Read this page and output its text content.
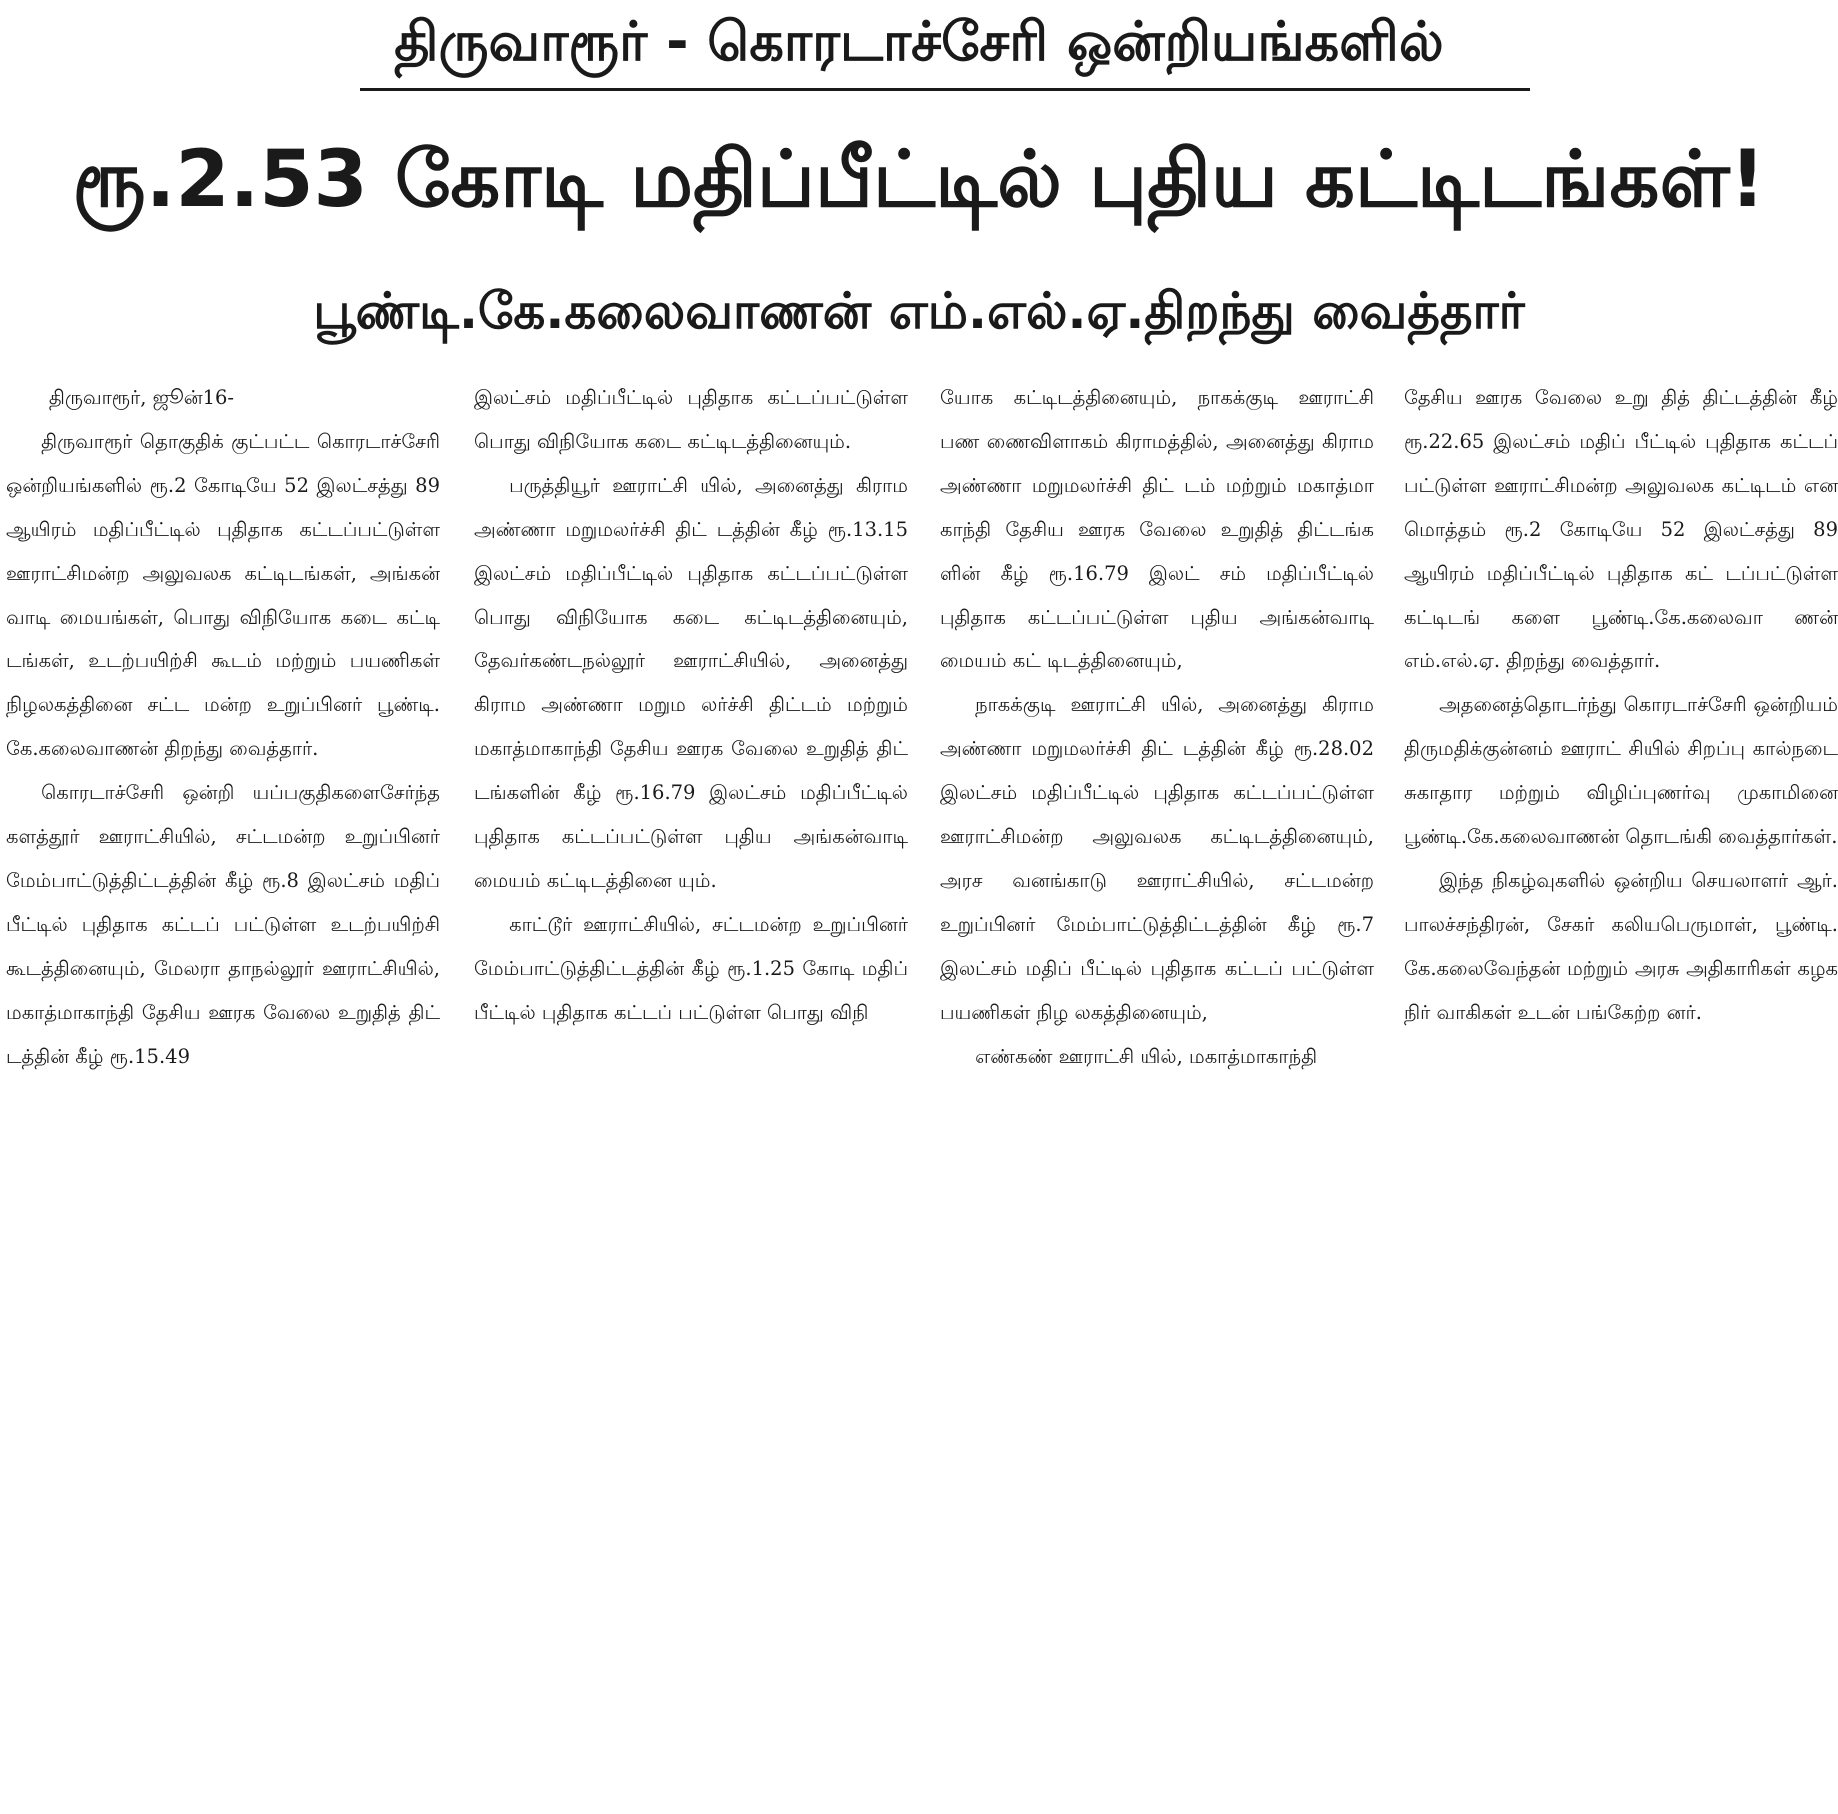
திருவாரூர் - கொரடாச்சேரி ஒன்றியங்களில்
ரூ.2.53 கோடி மதிப்பீட்டில் புதிய கட்டிடங்கள்!
பூண்டி.கே.கலைவாணன் எம்.எல்.ஏ.திறந்து வைத்தார்

திருவாரூர், ஜூன்16-

திருவாரூர் தொகுதிக் குட்பட்ட கொரடாச்சேரி ஒன்றியங்களில் ரூ.2 கோடியே 52 இலட்சத்து 89 ஆயிரம் மதிப்பீட்டில் புதிதாக கட்டப்பட்டுள்ள ஊராட்சிமன்ற அலுவலக கட்டிடங்கள், அங்கன் வாடி மையங்கள், பொது விநியோக கடை கட்டி டங்கள், உடற்பயிற்சி கூடம் மற்றும் பயணிகள் நிழலகத்தினை சட்ட மன்ற உறுப்பினர் பூண்டி. கே.கலைவாணன் திறந்து வைத்தார்.

கொரடாச்சேரி ஒன்றி யப்பகுதிகளைசேர்ந்த களத்தூர் ஊராட்சியில், சட்டமன்ற உறுப்பினர் மேம்பாட்டுத்திட்டத்தின் கீழ் ரூ.8 இலட்சம் மதிப் பீட்டில் புதிதாக கட்டப் பட்டுள்ள உடற்பயிற்சி கூடத்தினையும், மேலரா தாநல்லூர் ஊராட்சியில், மகாத்மாகாந்தி தேசிய ஊரக வேலை உறுதித் திட் டத்தின் கீழ் ரூ.15.49

இலட்சம் மதிப்பீட்டில் புதிதாக கட்டப்பட்டுள்ள பொது விநியோக கடை கட்டிடத்தினையும்.

பருத்தியூர் ஊராட்சி யில், அனைத்து கிராம அண்ணா மறுமலர்ச்சி திட் டத்தின் கீழ் ரூ.13.15 இலட்சம் மதிப்பீட்டில் புதிதாக கட்டப்பட்டுள்ள பொது விநியோக கடை கட்டிடத்தினையும், தேவர்கண்டநல்லூர் ஊராட்சியில், அனைத்து கிராம அண்ணா மறும லர்ச்சி திட்டம் மற்றும் மகாத்மாகாந்தி தேசிய ஊரக வேலை உறுதித் திட் டங்களின் கீழ் ரூ.16.79 இலட்சம் மதிப்பீட்டில் புதிதாக கட்டப்பட்டுள்ள புதிய அங்கன்வாடி மையம் கட்டிடத்தினை யும்.

காட்டூர் ஊராட்சியில், சட்டமன்ற உறுப்பினர் மேம்பாட்டுத்திட்டத்தின் கீழ் ரூ.1.25 கோடி மதிப் பீட்டில் புதிதாக கட்டப் பட்டுள்ள பொது விநி

யோக கட்டிடத்தினையும், நாகக்குடி ஊராட்சி பண ணைவிளாகம் கிராமத்தில், அனைத்து கிராம அண்ணா மறுமலர்ச்சி திட் டம் மற்றும் மகாத்மா காந்தி தேசிய ஊரக வேலை உறுதித் திட்டங்க ளின் கீழ் ரூ.16.79 இலட் சம் மதிப்பீட்டில் புதிதாக கட்டப்பட்டுள்ள புதிய அங்கன்வாடி மையம் கட் டிடத்தினையும்,

நாகக்குடி ஊராட்சி யில், அனைத்து கிராம அண்ணா மறுமலர்ச்சி திட் டத்தின் கீழ் ரூ.28.02 இலட்சம் மதிப்பீட்டில் புதிதாக கட்டப்பட்டுள்ள ஊராட்சிமன்ற அலுவலக கட்டிடத்தினையும், அரச வனங்காடு ஊராட்சியில், சட்டமன்ற உறுப்பினர் மேம்பாட்டுத்திட்டத்தின் கீழ் ரூ.7 இலட்சம் மதிப் பீட்டில் புதிதாக கட்டப் பட்டுள்ள பயணிகள் நிழ லகத்தினையும்,

எண்கண் ஊராட்சி யில், மகாத்மாகாந்தி

தேசிய ஊரக வேலை உறு தித் திட்டத்தின் கீழ் ரூ.22.65 இலட்சம் மதிப் பீட்டில் புதிதாக கட்டப் பட்டுள்ள ஊராட்சிமன்ற அலுவலக கட்டிடம் என மொத்தம் ரூ.2 கோடியே 52 இலட்சத்து 89 ஆயிரம் மதிப்பீட்டில் புதிதாக கட் டப்பட்டுள்ள கட்டிடங் களை பூண்டி.கே.கலைவா ணன் எம்.எல்.ஏ. திறந்து வைத்தார்.

அதனைத்தொடர்ந்து கொரடாச்சேரி ஒன்றியம் திருமதிக்குன்னம் ஊராட் சியில் சிறப்பு கால்நடை சுகாதார மற்றும் விழிப்புணர்வு முகாமினை பூண்டி.கே.கலைவாணன் தொடங்கி வைத்தார்கள்.

இந்த நிகழ்வுகளில் ஒன்றிய செயலாளர் ஆர். பாலச்சந்திரன், சேகர் கலியபெருமாள், பூண்டி. கே.கலைவேந்தன் மற்றும் அரசு அதிகாரிகள் கழக நிர் வாகிகள் உடன் பங்கேற்ற னர்.
